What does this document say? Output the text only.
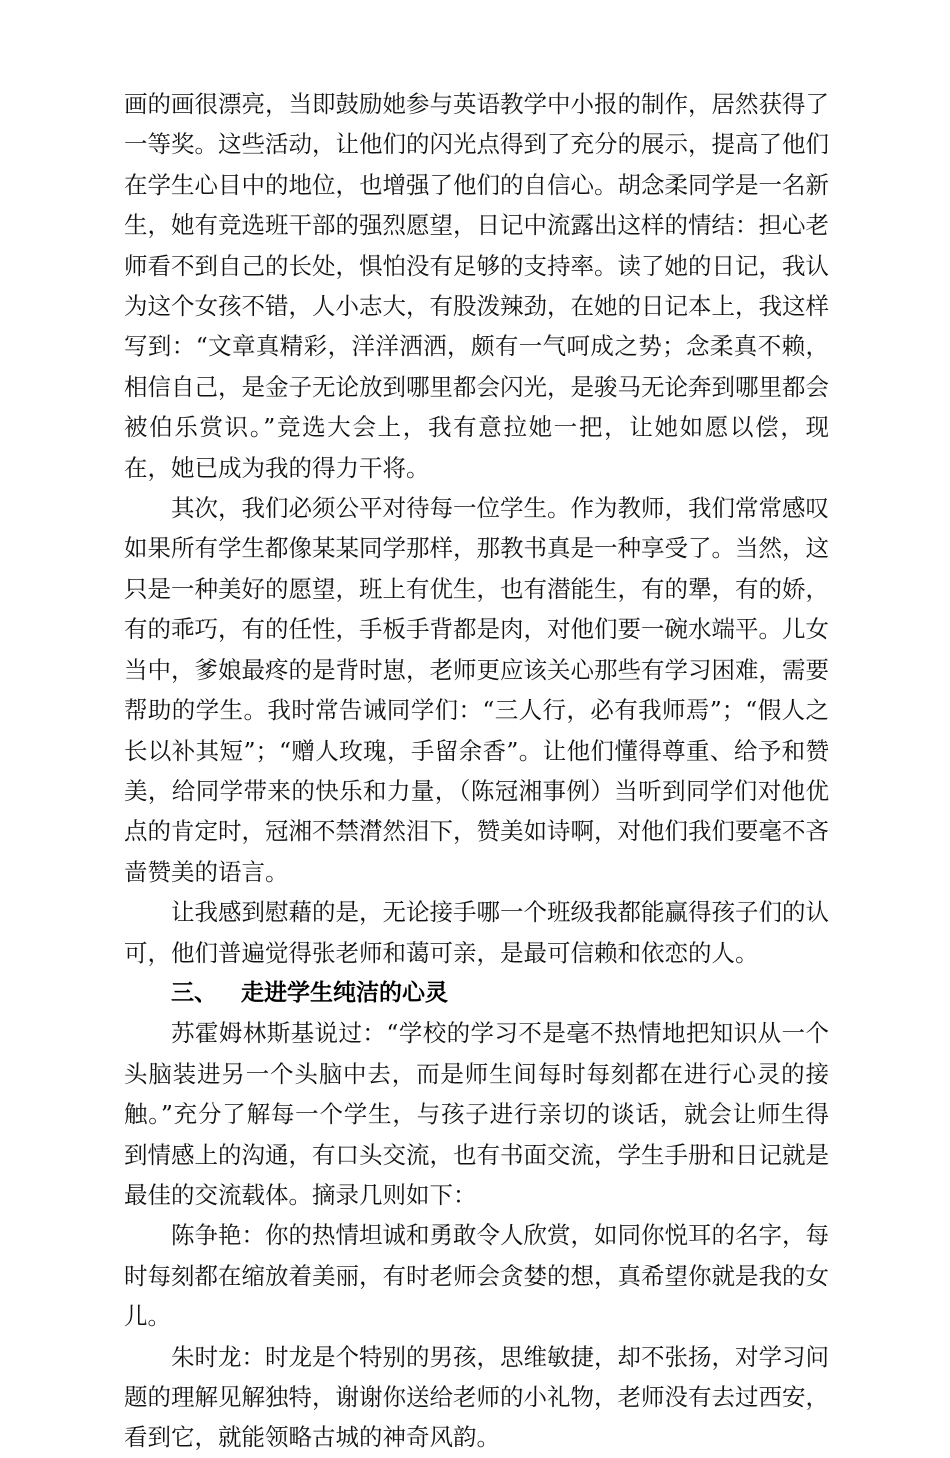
画的画很漂亮，当即鼓励她参与英语教学中小报的制作，居然获得了一等奖。这些活动，让他们的闪光点得到了充分的展示，提高了他们在学生心目中的地位，也增强了他们的自信心。胡念柔同学是一名新生，她有竞选班干部的强烈愿望，日记中流露出这样的情结：担心老师看不到自己的长处，惧怕没有足够的支持率。读了她的日记，我认为这个女孩不错，人小志大，有股泼辣劲，在她的日记本上，我这样写到：“文章真精彩，洋洋洒洒，颇有一气呵成之势；念柔真不赖，相信自己，是金子无论放到哪里都会闪光，是骏马无论奔到哪里都会被伯乐赏识。”竞选大会上，我有意拉她一把，让她如愿以偿，现在，她已成为我的得力干将。

其次，我们必须公平对待每一位学生。作为教师，我们常常感叹如果所有学生都像某某同学那样，那教书真是一种享受了。当然，这只是一种美好的愿望，班上有优生，也有潜能生，有的犟，有的娇，有的乖巧，有的任性，手板手背都是肉，对他们要一碗水端平。儿女当中，爹娘最疼的是背时崽，老师更应该关心那些有学习困难，需要帮助的学生。我时常告诫同学们：“三人行，必有我师焉”；“假人之长以补其短”；“赠人玫瑰，手留余香”。让他们懂得尊重、给予和赞美，给同学带来的快乐和力量，（陈冠湘事例）当听到同学们对他优点的肯定时，冠湘不禁潸然泪下，赞美如诗啊，对他们我们要毫不吝啬赞美的语言。

让我感到慰藉的是，无论接手哪一个班级我都能赢得孩子们的认可，他们普遍觉得张老师和蔼可亲，是最可信赖和依恋的人。

三、 走进学生纯洁的心灵

苏霍姆林斯基说过：“学校的学习不是毫不热情地把知识从一个头脑装进另一个头脑中去，而是师生间每时每刻都在进行心灵的接触。”充分了解每一个学生，与孩子进行亲切的谈话，就会让师生得到情感上的沟通，有口头交流，也有书面交流，学生手册和日记就是最佳的交流载体。摘录几则如下：

陈争艳：你的热情坦诚和勇敢令人欣赏，如同你悦耳的名字，每时每刻都在缩放着美丽，有时老师会贪婪的想，真希望你就是我的女儿。

朱时龙：时龙是个特别的男孩，思维敏捷，却不张扬，对学习问题的理解见解独特，谢谢你送给老师的小礼物，老师没有去过西安，看到它，就能领略古城的神奇风韵。
